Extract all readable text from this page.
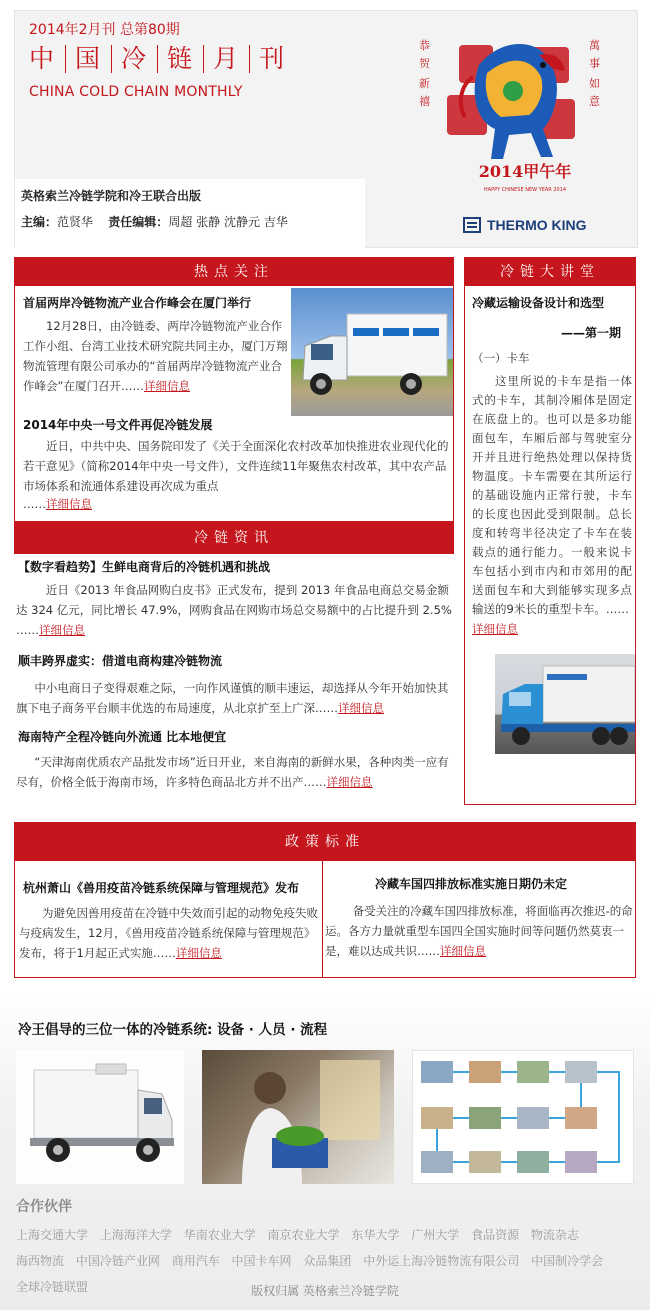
2014年2月刊 总第80期
中 国 冷 链 月 刊
CHINA COLD CHAIN MONTHLY
英格索兰冷链学院和冷王联合出版
主编：范贤华 责任编辑：周超 张静 沈静元 吉华
恭贺
新禧
萬事
如意
2014甲午年
HAPPY CHINESE NEW YEAR 2014
THERMO KING
热点关注
首届两岸冷链物流产业合作峰会在厦门举行
12月28日，由冷链委、两岸冷链物流产业合作工作小组、台湾工业技术研究院共同主办，厦门万翔物流管理有限公司承办的“首届两岸冷链物流产业合作峰会”在厦门召开……详细信息
2014年中央一号文件再促冷链发展
近日，中共中央、国务院印发了《关于全面深化农村改革加快推进农业现代化的若干意见》（简称2014年中央一号文件），文件连续11年聚焦农村改革，其中农产品市场体系和流通体系建设再次成为重点
……详细信息
冷链资讯
【数字看趋势】生鲜电商背后的冷链机遇和挑战
近日《2013 年食品网购白皮书》正式发布，提到 2013 年食品电商总交易金额达 324 亿元，同比增长 47.9%，网购食品在网购市场总交易额中的占比提升到 2.5% ……详细信息
顺丰跨界虚实：借道电商构建冷链物流
中小电商日子变得艰难之际，一向作风谨慎的顺丰速运，却选择从今年开始加快其旗下电子商务平台顺丰优选的布局速度，从北京扩至上广深……详细信息
海南特产全程冷链向外流通 比本地便宜
“天津海南优质农产品批发市场”近日开业，来自海南的新鲜水果，各种肉类一应有尽有，价格全低于海南市场，许多特色商品北方并不出产……详细信息
冷链大讲堂
冷藏运输设备设计和选型
——第一期
（一）卡车
这里所说的卡车是指一体式的卡车，其制冷厢体是固定在底盘上的。也可以是多功能面包车，车厢后部与驾驶室分开并且进行绝热处理以保持货物温度。卡车需要在其所运行的基础设施内正常行驶，卡车的长度也因此受到限制。总长度和转弯半径决定了卡车在装载点的通行能力。一般来说卡车包括小到市内和市郊用的配送面包车和大到能够实现多点输送的9米长的重型卡车。……
详细信息
政策标准
杭州萧山《兽用疫苗冷链系统保障与管理规范》发布
为避免因兽用疫苗在冷链中失效而引起的动物免疫失败与疫病发生，12月，《兽用疫苗冷链系统保障与管理规范》发布，将于1月起正式实施……详细信息
冷藏车国四排放标准实施日期仍未定
备受关注的冷藏车国四排放标准，将面临再次推迟-的命运。各方力量就重型车国四全国实施时间等问题仍然莫衷一是，难以达成共识……详细信息
冷王倡导的三位一体的冷链系统: 设备 · 人员 · 流程
合作伙伴
上海交通大学 上海海洋大学 华南农业大学 南京农业大学 东华大学 广州大学 食品资源 物流杂志 海西物流 中国冷链产业网 商用汽车 中国卡车网 众品集团 中外运上海冷链物流有限公司 中国制冷学会 全球冷链联盟	版权归属 英格索兰冷链学院
